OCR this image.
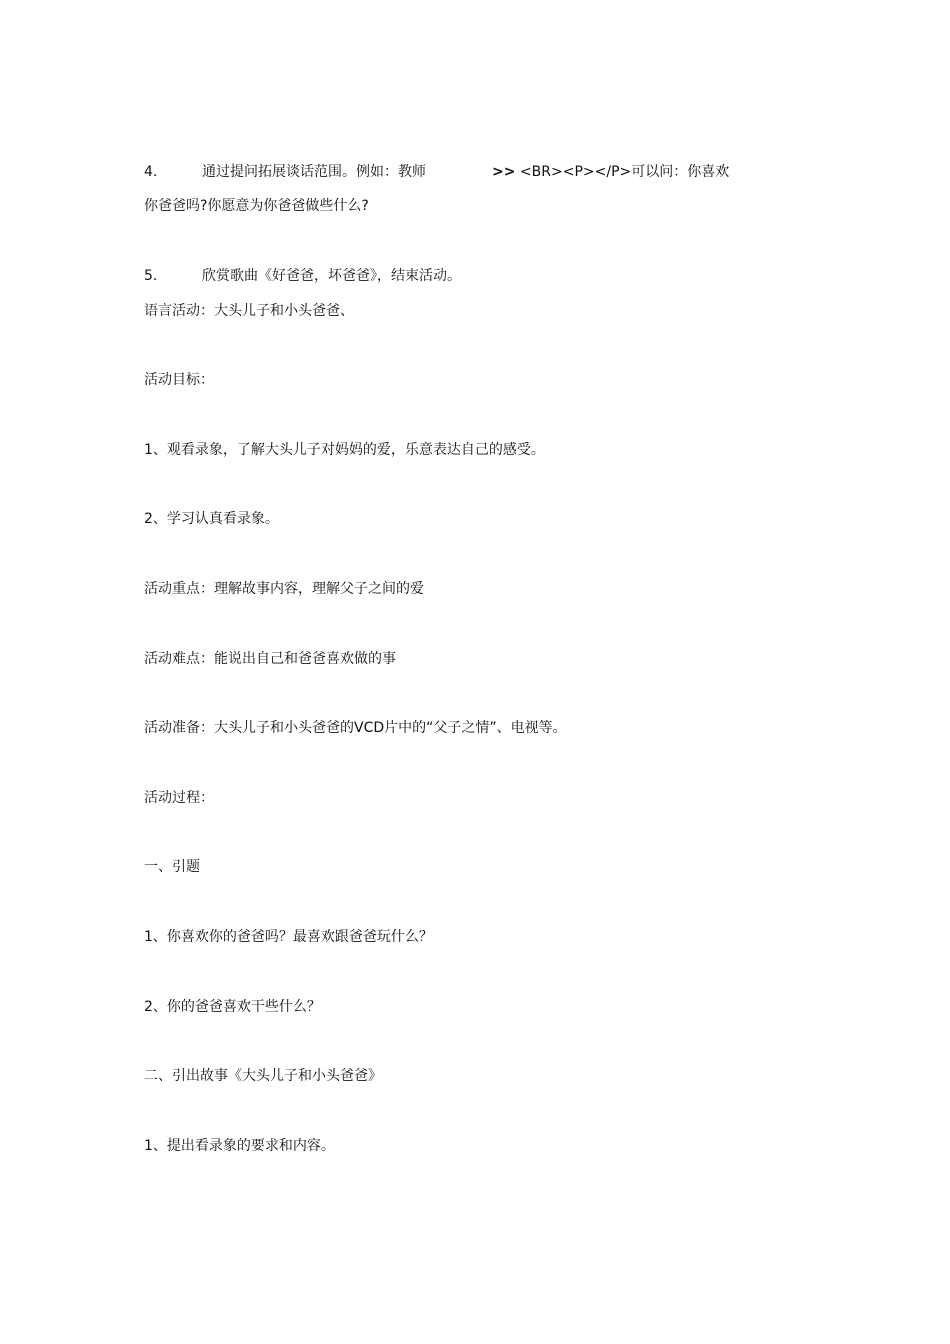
4.	通过提问拓展谈话范围。例如：教师	>> <BR><P></P>可以问：你喜欢
你爸爸吗?你愿意为你爸爸做些什么?
5.	欣赏歌曲《好爸爸，坏爸爸》，结束活动。
语言活动：大头儿子和小头爸爸、
活动目标：
1、观看录象，了解大头儿子对妈妈的爱，乐意表达自己的感受。
2、学习认真看录象。
活动重点：理解故事内容，理解父子之间的爱
活动难点：能说出自己和爸爸喜欢做的事
活动准备：大头儿子和小头爸爸的VCD片中的“父子之情”、电视等。
活动过程：
一、引题
1、你喜欢你的爸爸吗？最喜欢跟爸爸玩什么？
2、你的爸爸喜欢干些什么？
二、引出故事《大头儿子和小头爸爸》
1、提出看录象的要求和内容。
